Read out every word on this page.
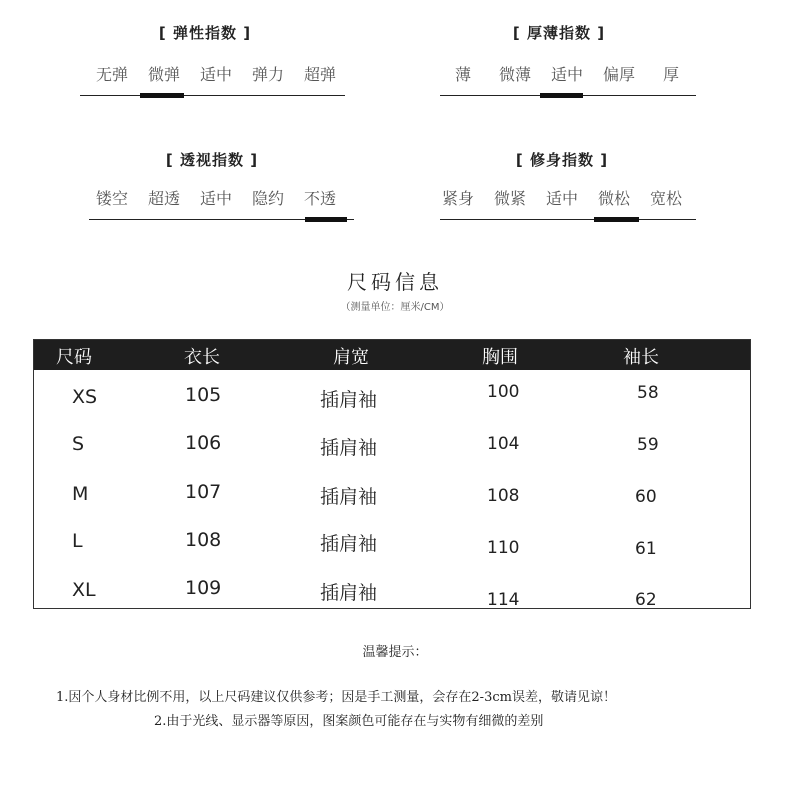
[ 弹性指数 ]
无弹	微弹	适中	弹力	超弹
[ 厚薄指数 ]
薄	微薄	适中	偏厚	厚
[ 透视指数 ]
镂空	超透	适中	隐约	不透
[ 修身指数 ]
紧身	微紧	适中	微松	宽松
尺码信息
（测量单位：厘米/CM）
尺码	衣长	肩宽	胸围	袖长
XS	105	插肩袖	100	58
S	106	插肩袖	104	59
M	107	插肩袖	108	60
L	108	插肩袖	110	61
XL	109	插肩袖	114	62
温馨提示：
1.因个人身材比例不用，以上尺码建议仅供参考；因是手工测量，会存在2-3cm误差，敬请见谅！
2.由于光线、显示器等原因，图案颜色可能存在与实物有细微的差别
